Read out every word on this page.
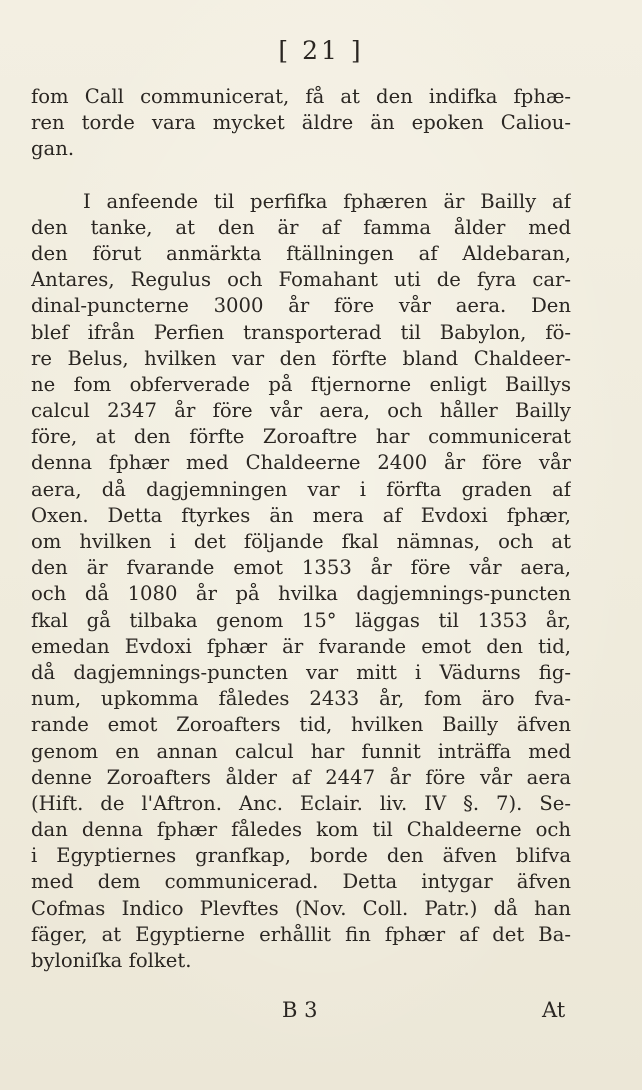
[ 21 ]
fom Call communicerat, få at den indifka fphæ-
ren torde vara mycket äldre än epoken Caliou-
gan.
I anfeende til perfifka fphæren är Bailly af
den tanke, at den är af famma ålder med
den förut anmärkta ftällningen af Aldebaran,
Antares, Regulus och Fomahant uti de fyra car-
dinal-puncterne 3000 år före vår aera. Den
blef ifrån Perfien transporterad til Babylon, fö-
re Belus, hvilken var den förfte bland Chaldeer-
ne fom obferverade på ftjernorne enligt Baillys
calcul 2347 år före vår aera, och håller Bailly
före, at den förfte Zoroaftre har communicerat
denna fphær med Chaldeerne 2400 år före vår
aera, då dagjemningen var i förfta graden af
Oxen. Detta ftyrkes än mera af Evdoxi fphær,
om hvilken i det följande fkal nämnas, och at
den är fvarande emot 1353 år före vår aera,
och då 1080 år på hvilka dagjemnings-puncten
fkal gå tilbaka genom 15° läggas til 1353 år,
emedan Evdoxi fphær är fvarande emot den tid,
då dagjemnings-puncten var mitt i Vädurns fig-
num, upkomma fåledes 2433 år, fom äro fva-
rande emot Zoroafters tid, hvilken Bailly äfven
genom en annan calcul har funnit inträffa med
denne Zoroafters ålder af 2447 år före vår aera
(Hift. de l'Aftron. Anc. Eclair. liv. IV §. 7). Se-
dan denna fphær fåledes kom til Chaldeerne och
i Egyptiernes granfkap, borde den äfven blifva
med dem communicerad. Detta intygar äfven
Cofmas Indico Plevftes (Nov. Coll. Patr.) då han
fäger, at Egyptierne erhållit fin fphær af det Ba-
byloniſka folket.
B 3	At
